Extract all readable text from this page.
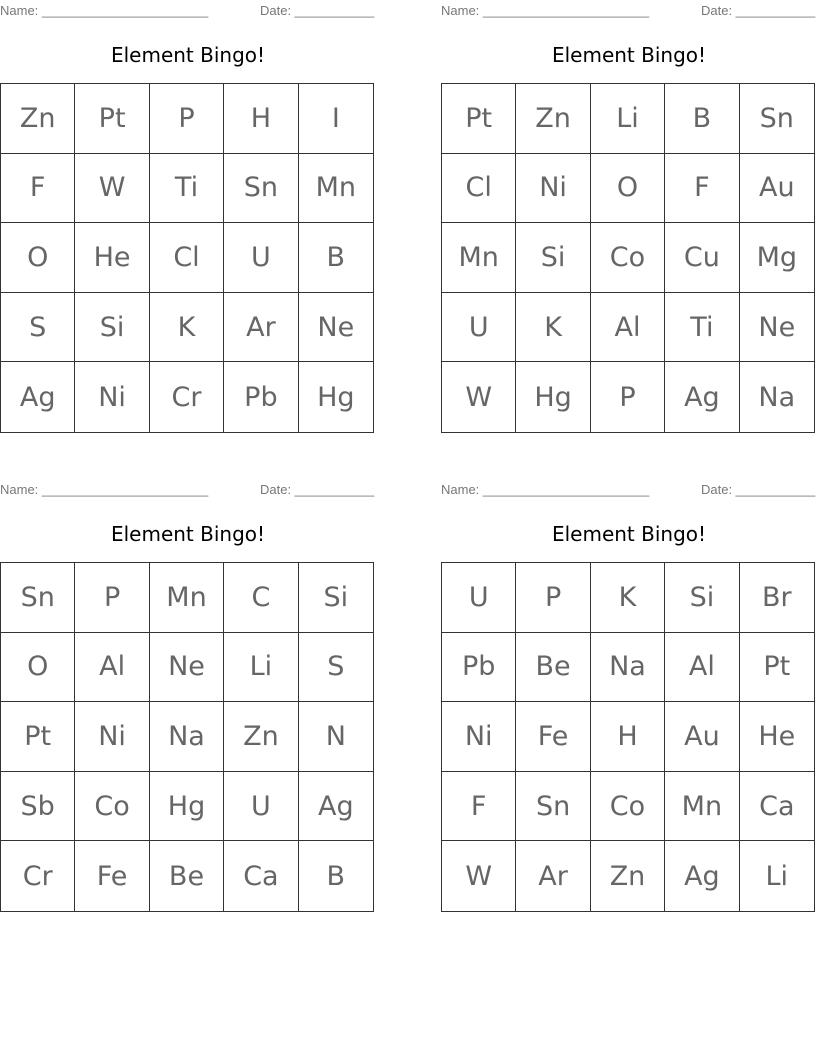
Name: _______________________	Date: ___________
Element Bingo!
Zn	Pt	P	H	I
F	W	Ti	Sn	Mn
O	He	Cl	U	B
S	Si	K	Ar	Ne
Ag	Ni	Cr	Pb	Hg
Name: _______________________	Date: ___________
Element Bingo!
Pt	Zn	Li	B	Sn
Cl	Ni	O	F	Au
Mn	Si	Co	Cu	Mg
U	K	Al	Ti	Ne
W	Hg	P	Ag	Na
Name: _______________________	Date: ___________
Element Bingo!
Sn	P	Mn	C	Si
O	Al	Ne	Li	S
Pt	Ni	Na	Zn	N
Sb	Co	Hg	U	Ag
Cr	Fe	Be	Ca	B
Name: _______________________	Date: ___________
Element Bingo!
U	P	K	Si	Br
Pb	Be	Na	Al	Pt
Ni	Fe	H	Au	He
F	Sn	Co	Mn	Ca
W	Ar	Zn	Ag	Li
